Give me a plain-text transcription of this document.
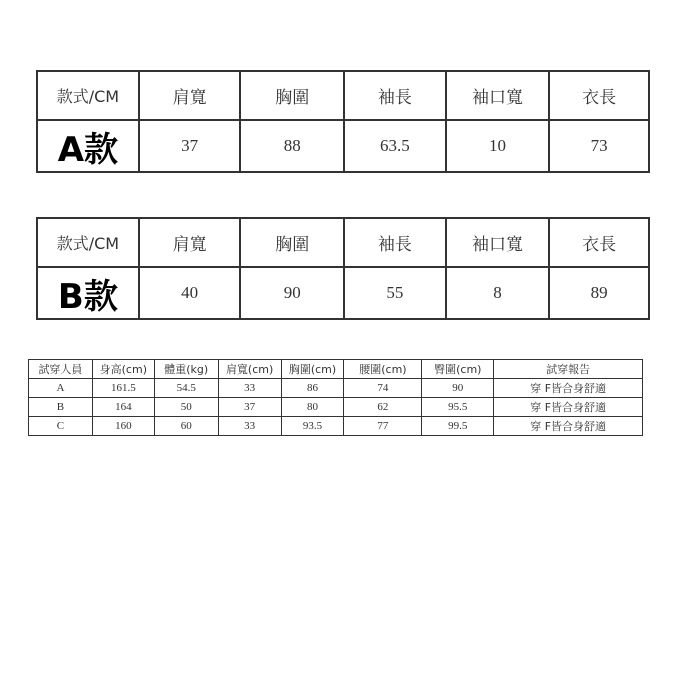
款式/CM	肩寬	胸圍	袖長	袖口寬	衣長
A款	37	88	63.5	10	73
款式/CM	肩寬	胸圍	袖長	袖口寬	衣長
B款	40	90	55	8	89
試穿人員	身高(cm)	體重(kg)	肩寬(cm)	胸圍(cm)	腰圍(cm)	臀圍(cm)	試穿報告
A	161.5	54.5	33	86	74	90	穿 F皆合身舒適
B	164	50	37	80	62	95.5	穿 F皆合身舒適
C	160	60	33	93.5	77	99.5	穿 F皆合身舒適
